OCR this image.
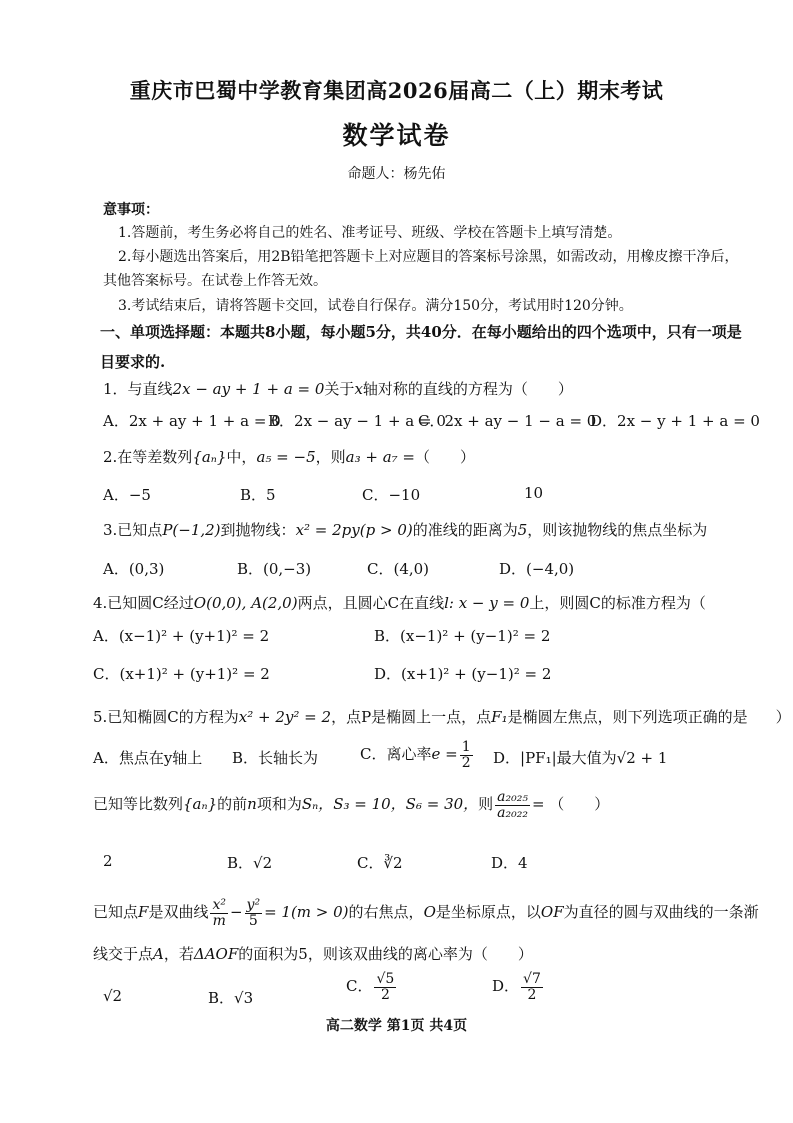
重庆市巴蜀中学教育集团高2026届高二（上）期末考试
数学试卷
命题人：杨先佑
意事项：
1.答题前，考生务必将自己的姓名、准考证号、班级、学校在答题卡上填写清楚。
2.每小题选出答案后，用2B铅笔把答题卡上对应题目的答案标号涂黑，如需改动，用橡皮擦干净后，
其他答案标号。在试卷上作答无效。
3.考试结束后，请将答题卡交回，试卷自行保存。满分150分，考试用时120分钟。
一、单项选择题：本题共8小题，每小题5分，共40分．在每小题给出的四个选项中，只有一项是
目要求的.
1．与直线2x − ay + 1 + a = 0关于x轴对称的直线的方程为（　　）
A．2x + ay + 1 + a = 0
B．2x − ay − 1 + a = 0
C．2x + ay − 1 − a = 0
D．2x − y + 1 + a = 0
2.在等差数列{aₙ}中，a₅ = −5，则a₃ + a₇ =（　　）
A．−5	B．5	C．−10	10
3.已知点P(−1,2)到抛物线：x² = 2py(p > 0)的准线的距离为5，则该抛物线的焦点坐标为
A．(0,3)	B．(0,−3)	C．(4,0)	D．(−4,0)
4.已知圆C经过O(0,0), A(2,0)两点，且圆心C在直线l: x − y = 0上，则圆C的标准方程为（
A．(x−1)² + (y+1)² = 2	B．(x−1)² + (y−1)² = 2
C．(x+1)² + (y+1)² = 2	D．(x+1)² + (y−1)² = 2
5.已知椭圆C的方程为x² + 2y² = 2，点P是椭圆上一点，点F₁是椭圆左焦点，则下列选项正确的是 ）
A．焦点在y轴上 B．长轴长为	C．离心率$e = \frac{1}{2}$ D．|PF₁|最大值为√2 + 1
已知等比数列{aₙ}的前n项和为Sₙ，S₃ = 10，S₆ = 30，则 $\frac{\text{a₂₀₂₅}}{\text{a₂₀₂₂}}$ = （　　）
2	B．√2	C．∛2	D．4
已知点F是双曲线 $\frac{\text{x²}}{m} - \frac{\text{y²}}{5} = 1(m > 0)$的右焦点，O是坐标原点，以OF为直径的圆与双曲线的一条渐
线交于点A，若ΔAOF的面积为5，则该双曲线的离心率为（　　）
√2	B．√3
C． $\frac{√5}{2}$	D． $\frac{√7}{2}$
高二数学 第1页 共4页
